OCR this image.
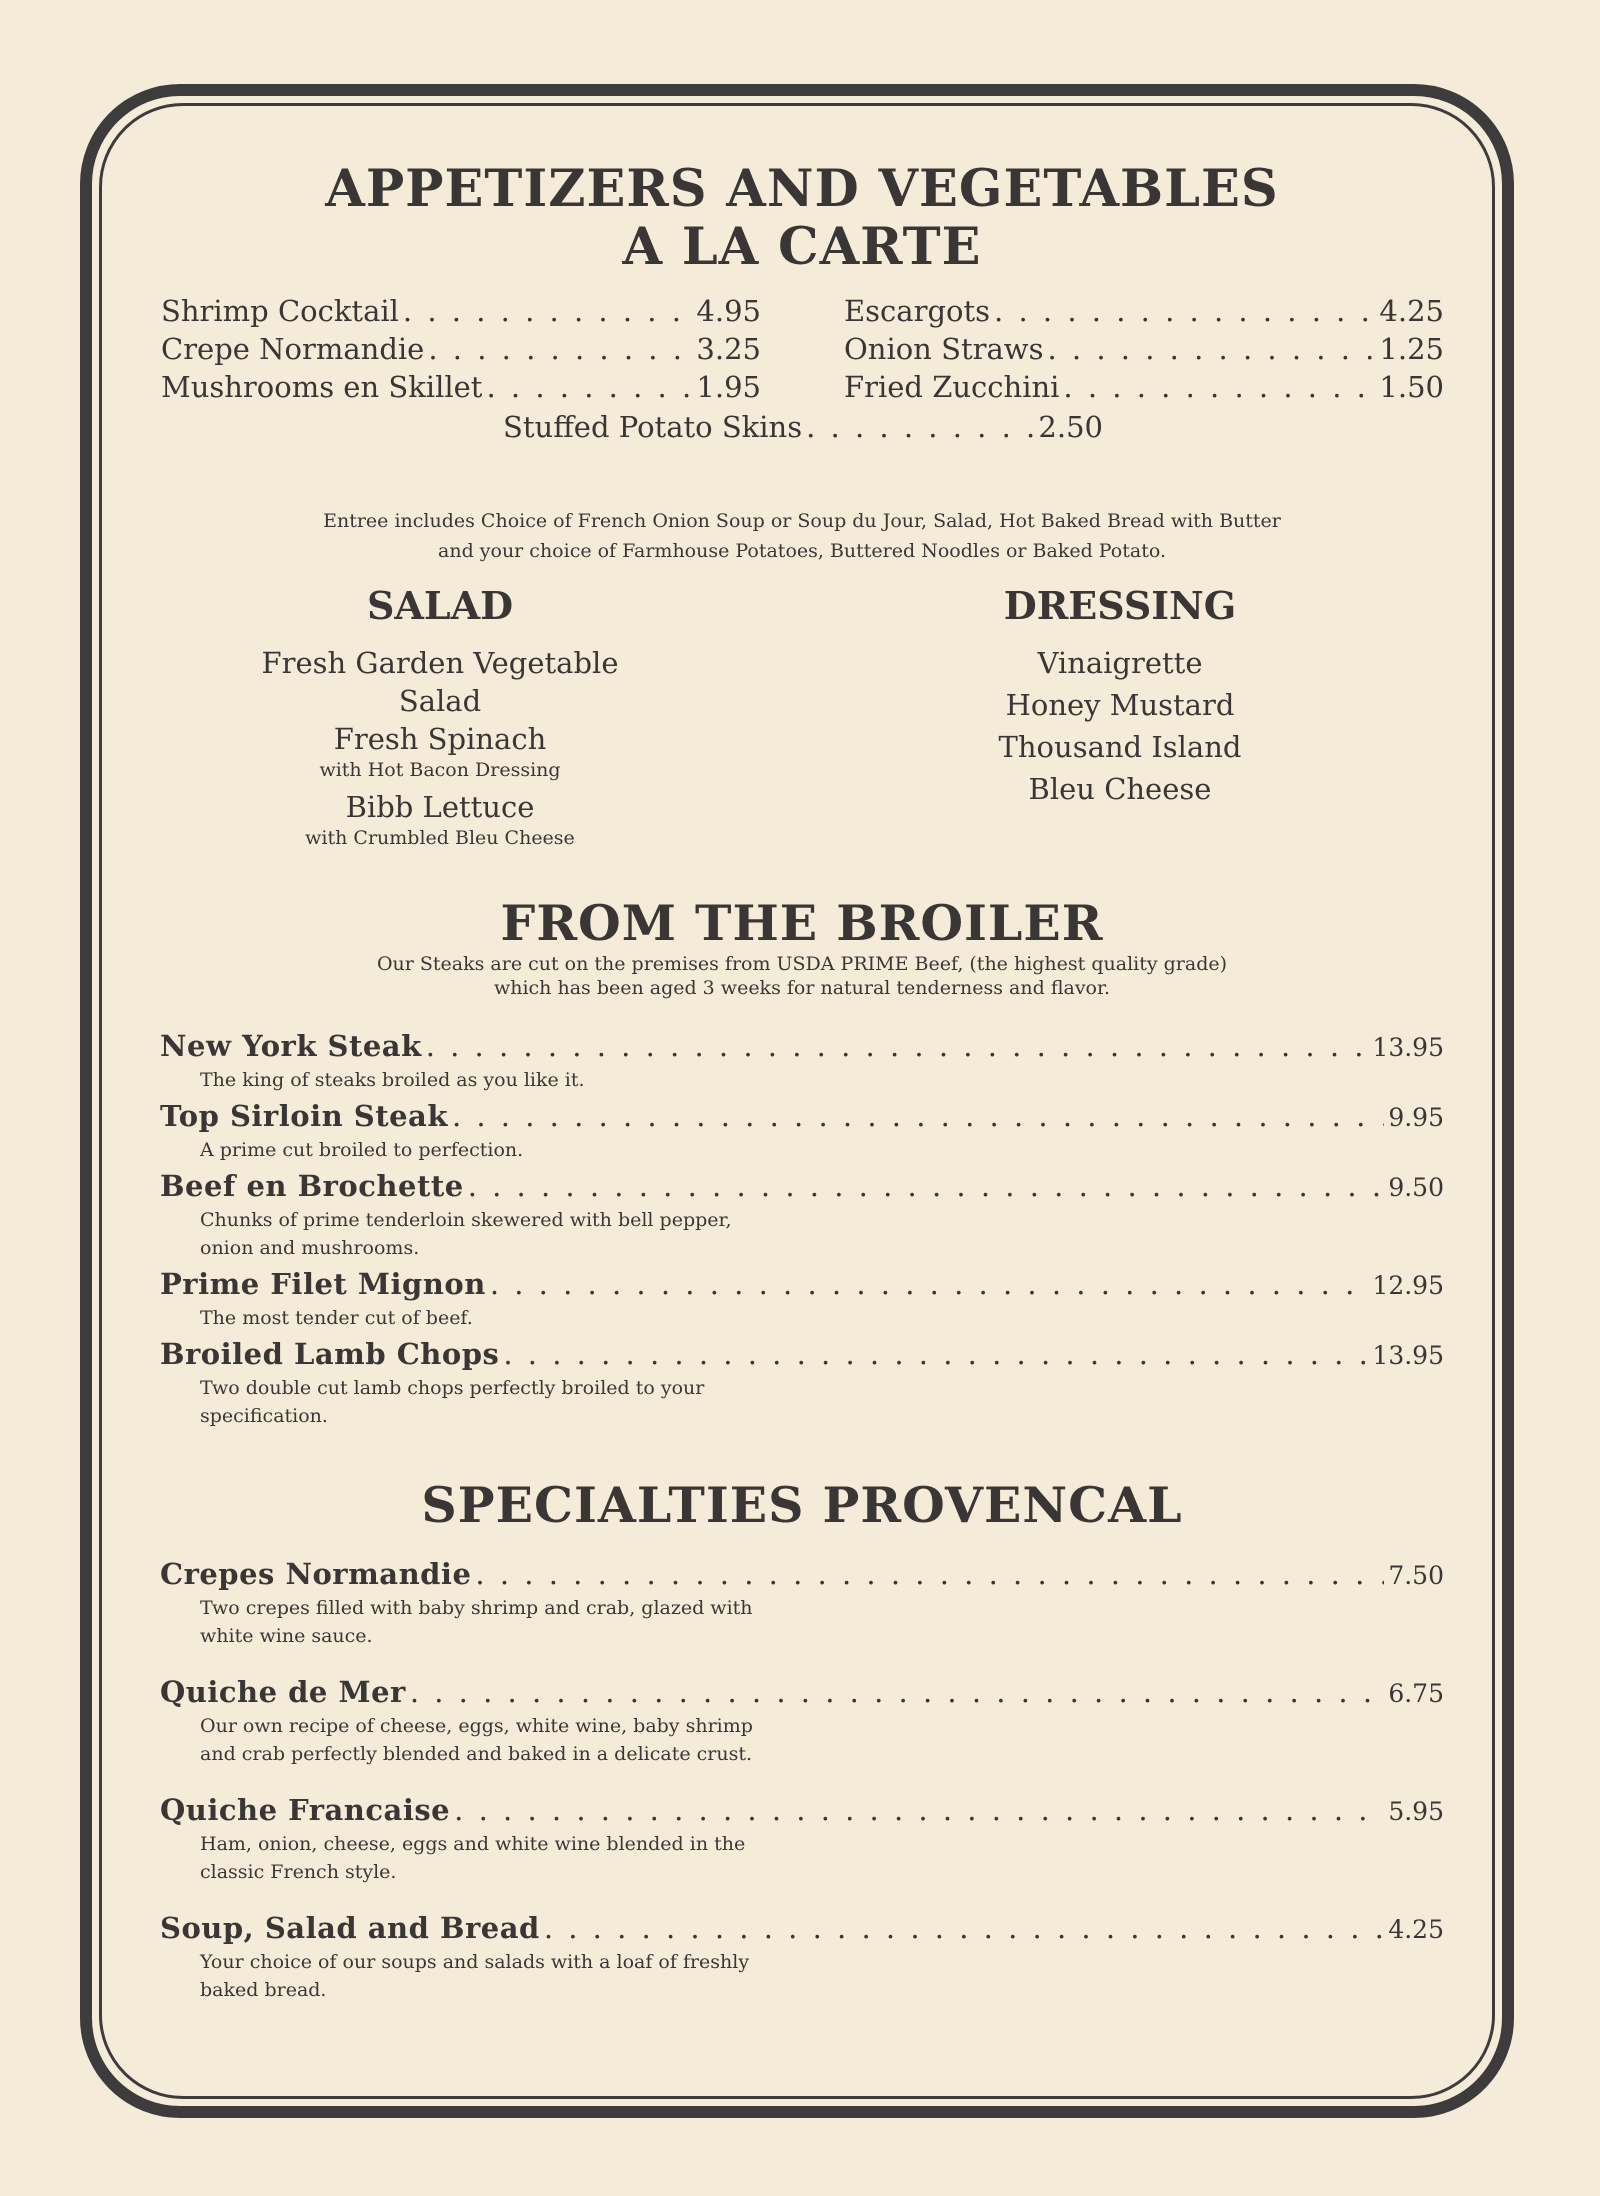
APPETIZERS AND VEGETABLES
A LA CARTE
Shrimp Cocktail . . .	4.95
Crepe Normandie . . .	3.25
Mushrooms en Skillet . . .	1.95
Escargots . . .	4.25
Onion Straws . . .	1.25
Fried Zucchini . . .	1.50
Stuffed Potato Skins . . .	2.50
Entree includes Choice of French Onion Soup or Soup du Jour, Salad, Hot Baked Bread with Butter
and your choice of Farmhouse Potatoes, Buttered Noodles or Baked Potato.
SALAD
Fresh Garden Vegetable Salad
Fresh Spinach
with Hot Bacon Dressing
Bibb Lettuce
with Crumbled Bleu Cheese
DRESSING
Vinaigrette
Honey Mustard
Thousand Island
Bleu Cheese
FROM THE BROILER
Our Steaks are cut on the premises from USDA PRIME Beef, (the highest quality grade)
which has been aged 3 weeks for natural tenderness and flavor.
New York Steak . . .	13.95
The king of steaks broiled as you like it.
Top Sirloin Steak . . .	9.95
A prime cut broiled to perfection.
Beef en Brochette . . .	9.50
Chunks of prime tenderloin skewered with bell pepper, onion and mushrooms.
Prime Filet Mignon . . .	12.95
The most tender cut of beef.
Broiled Lamb Chops . . .	13.95
Two double cut lamb chops perfectly broiled to your specification.
SPECIALTIES PROVENCAL
Crepes Normandie . . .	7.50
Two crepes filled with baby shrimp and crab, glazed with white wine sauce.
Quiche de Mer . . .	6.75
Our own recipe of cheese, eggs, white wine, baby shrimp and crab perfectly blended and baked in a delicate crust.
Quiche Francaise . . .	5.95
Ham, onion, cheese, eggs and white wine blended in the classic French style.
Soup, Salad and Bread . . .	4.25
Your choice of our soups and salads with a loaf of freshly baked bread.
